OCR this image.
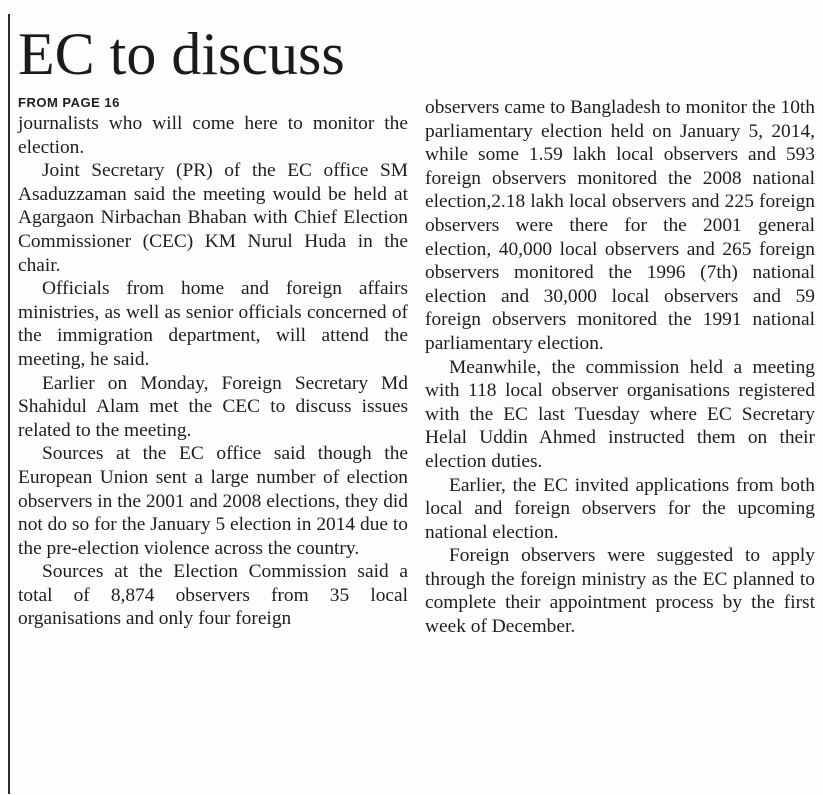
EC to discuss
FROM PAGE 16

journalists who will come here to monitor the election.

Joint Secretary (PR) of the EC office SM Asaduzzaman said the meeting would be held at Agargaon Nirbachan Bhaban with Chief Election Commissioner (CEC) KM Nurul Huda in the chair.

Officials from home and foreign affairs ministries, as well as senior officials concerned of the immigration department, will attend the meeting, he said.

Earlier on Monday, Foreign Secretary Md Shahidul Alam met the CEC to discuss issues related to the meeting.

Sources at the EC office said though the European Union sent a large number of election observers in the 2001 and 2008 elections, they did not do so for the January 5 election in 2014 due to the pre-election violence across the country.

Sources at the Election Commission said a total of 8,874 observers from 35 local organisations and only four foreign

observers came to Bangladesh to monitor the 10th parliamentary election held on January 5, 2014, while some 1.59 lakh local observers and 593 foreign observers monitored the 2008 national election,2.18 lakh local observers and 225 foreign observers were there for the 2001 general election, 40,000 local observers and 265 foreign observers monitored the 1996 (7th) national election and 30,000 local observers and 59 foreign observers monitored the 1991 national parliamentary election.

Meanwhile, the commission held a meeting with 118 local observer organisations registered with the EC last Tuesday where EC Secretary Helal Uddin Ahmed instructed them on their election duties.

Earlier, the EC invited applications from both local and foreign observers for the upcoming national election.

Foreign observers were suggested to apply through the foreign ministry as the EC planned to complete their appointment process by the first week of December.
